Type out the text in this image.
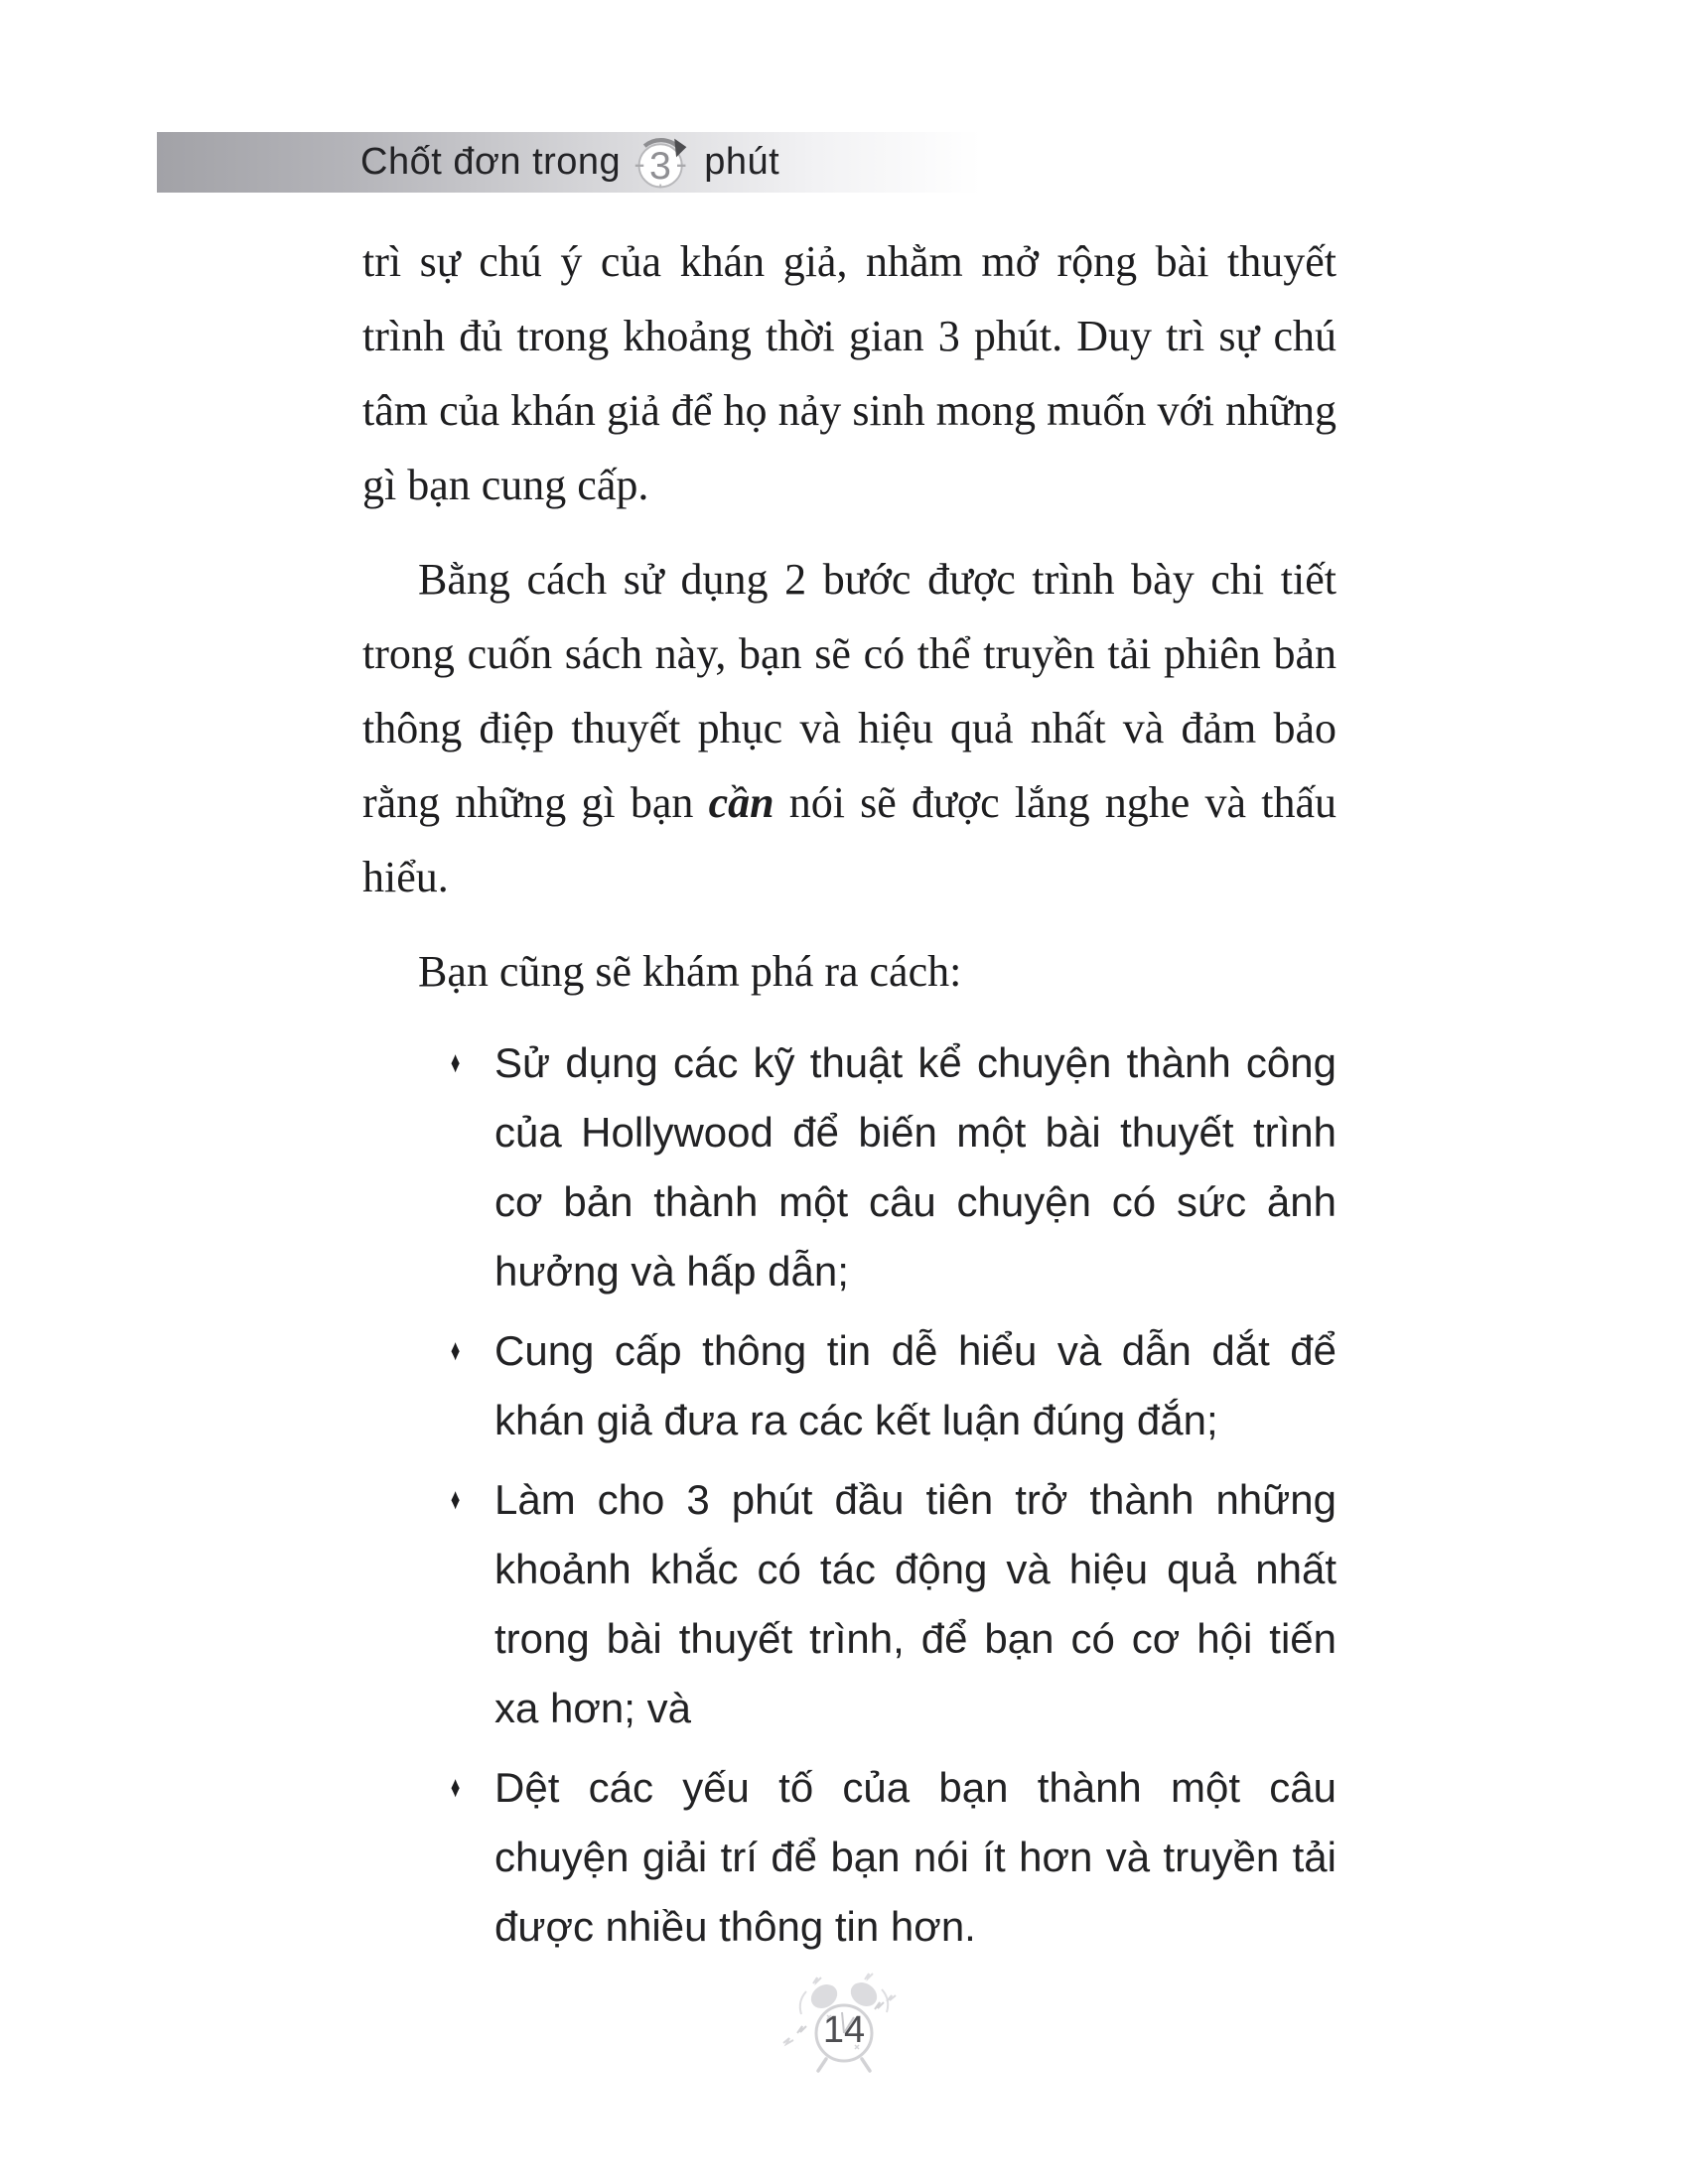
Chốt đơn trong 3 phút

trì sự chú ý của khán giả, nhằm mở rộng bài thuyết trình đủ trong khoảng thời gian 3 phút. Duy trì sự chú tâm của khán giả để họ nảy sinh mong muốn với những gì bạn cung cấp.

Bằng cách sử dụng 2 bước được trình bày chi tiết trong cuốn sách này, bạn sẽ có thể truyền tải phiên bản thông điệp thuyết phục và hiệu quả nhất và đảm bảo rằng những gì bạn cần nói sẽ được lắng nghe và thấu hiểu.

Bạn cũng sẽ khám phá ra cách:

♦ Sử dụng các kỹ thuật kể chuyện thành công của Hollywood để biến một bài thuyết trình cơ bản thành một câu chuyện có sức ảnh hưởng và hấp dẫn;
♦ Cung cấp thông tin dễ hiểu và dẫn dắt để khán giả đưa ra các kết luận đúng đắn;
♦ Làm cho 3 phút đầu tiên trở thành những khoảnh khắc có tác động và hiệu quả nhất trong bài thuyết trình, để bạn có cơ hội tiến xa hơn; và
♦ Dệt các yếu tố của bạn thành một câu chuyện giải trí để bạn nói ít hơn và truyền tải được nhiều thông tin hơn.
14
